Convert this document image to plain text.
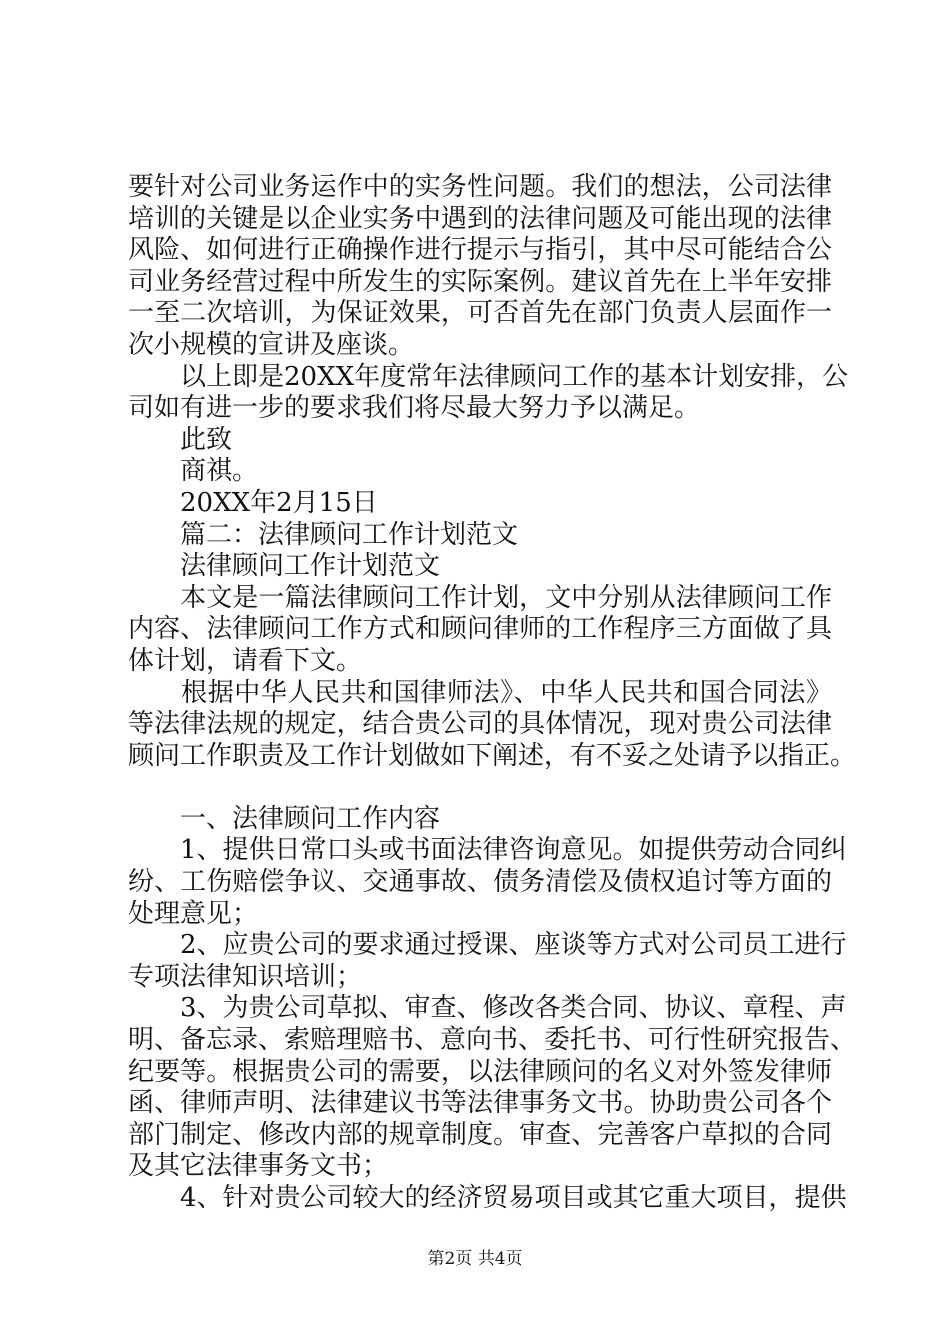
要针对公司业务运作中的实务性问题。我们的想法，公司法律
培训的关键是以企业实务中遇到的法律问题及可能出现的法律
风险、如何进行正确操作进行提示与指引，其中尽可能结合公
司业务经营过程中所发生的实际案例。建议首先在上半年安排
一至二次培训，为保证效果，可否首先在部门负责人层面作一
次小规模的宣讲及座谈。
　　以上即是20XX年度常年法律顾问工作的基本计划安排，公
司如有进一步的要求我们将尽最大努力予以满足。
　　此致
　　商祺。
　　20XX年2月15日
　　篇二：法律顾问工作计划范文
　　法律顾问工作计划范文
　　本文是一篇法律顾问工作计划，文中分别从法律顾问工作
内容、法律顾问工作方式和顾问律师的工作程序三方面做了具
体计划，请看下文。
　　根据中华人民共和国律师法》、中华人民共和国合同法》
等法律法规的规定，结合贵公司的具体情况，现对贵公司法律
顾问工作职责及工作计划做如下阐述，有不妥之处请予以指正。
　　一、法律顾问工作内容
　　1、提供日常口头或书面法律咨询意见。如提供劳动合同纠
纷、工伤赔偿争议、交通事故、债务清偿及债权追讨等方面的
处理意见；
　　2、应贵公司的要求通过授课、座谈等方式对公司员工进行
专项法律知识培训；
　　3、为贵公司草拟、审查、修改各类合同、协议、章程、声
明、备忘录、索赔理赔书、意向书、委托书、可行性研究报告、
纪要等。根据贵公司的需要，以法律顾问的名义对外签发律师
函、律师声明、法律建议书等法律事务文书。协助贵公司各个
部门制定、修改内部的规章制度。审查、完善客户草拟的合同
及其它法律事务文书；
　　4、针对贵公司较大的经济贸易项目或其它重大项目，提供
第2页 共4页
